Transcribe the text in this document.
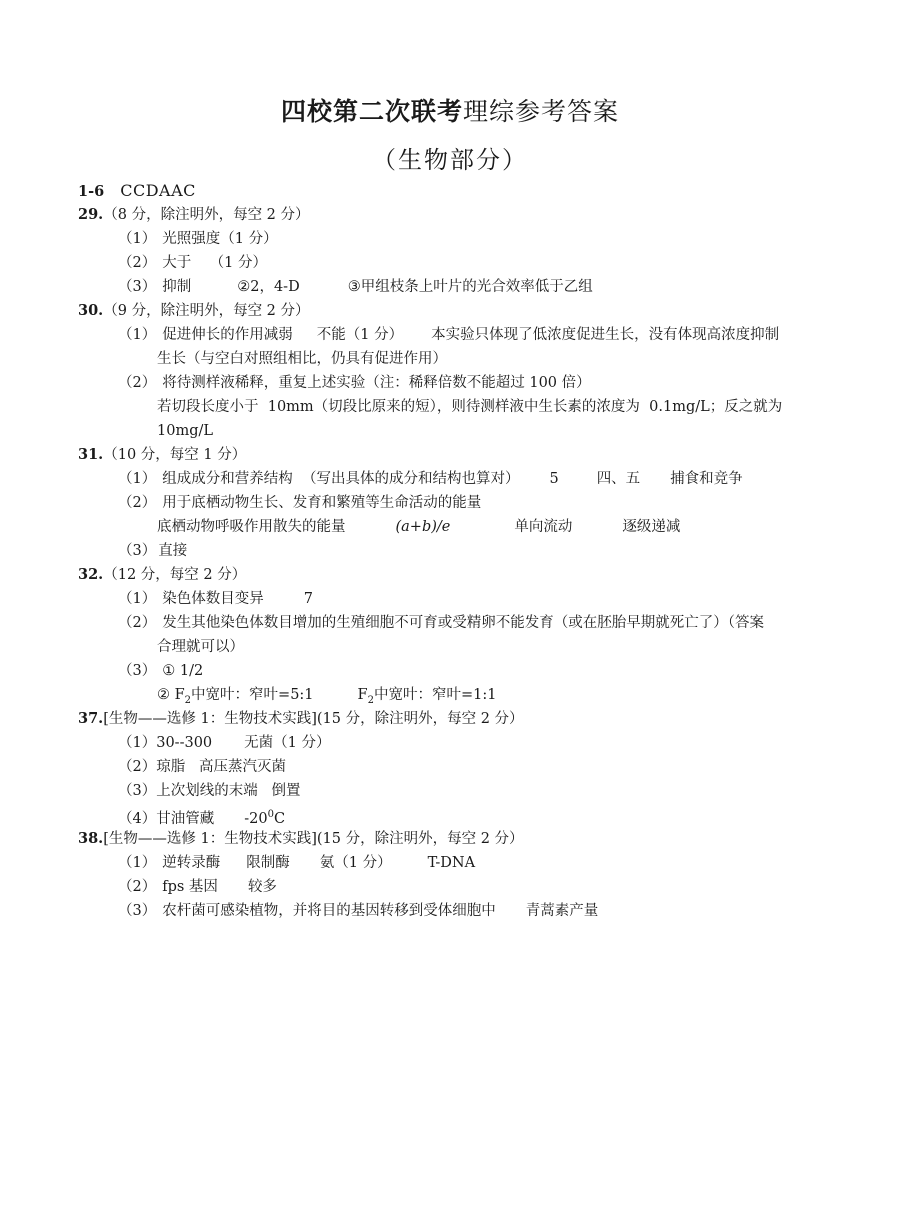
四校第二次联考理综参考答案
（生物部分）
1-6 CCDAAC
29.（8 分，除注明外，每空 2 分）
（1） 光照强度（1 分）
（2） 大于    （1 分）
（3） 抑制	②2，4-D	③甲组枝条上叶片的光合效率低于乙组
30.（9 分，除注明外，每空 2 分）
（1） 促进伸长的作用减弱 不能（1 分） 本实验只体现了低浓度促进生长，没有体现高浓度抑制
生长（与空白对照组相比，仍具有促进作用）
（2） 将待测样液稀释，重复上述实验（注：稀释倍数不能超过 100 倍）
若切段长度小于  10mm（切段比原来的短），则待测样液中生长素的浓度为  0.1mg/L；反之就为
10mg/L
31.（10 分，每空 1 分）
（1） 组成成分和营养结构  （写出具体的成分和结构也算对） 5	四、五 捕食和竞争
（2） 用于底栖动物生长、发育和繁殖等生命活动的能量
底栖动物呼吸作用散失的能量	(a+b)/e	单向流动	逐级递减
（3） 直接
32.（12 分，每空 2 分）
（1） 染色体数目变异	7
（2） 发生其他染色体数目增加的生殖细胞不可育或受精卵不能发育（或在胚胎早期就死亡了）（答案
合理就可以）
（3） ① 1/2
② $F_2$中宽叶：窄叶=5:1	$F_2$中宽叶：窄叶=1:1
37.[生物——选修 1：生物技术实践](15 分，除注明外，每空 2 分）
（1）30--300 无菌（1 分）
（2）琼脂   高压蒸汽灭菌
（3）上次划线的末端   倒置
（4）甘油管藏 $-20^0C$
38.[生物——选修 1：生物技术实践](15 分，除注明外，每空 2 分）
（1） 逆转录酶 限制酶 氨（1 分） T-DNA
（2） fps 基因 较多
（3） 农杆菌可感染植物，并将目的基因转移到受体细胞中 青蒿素产量
